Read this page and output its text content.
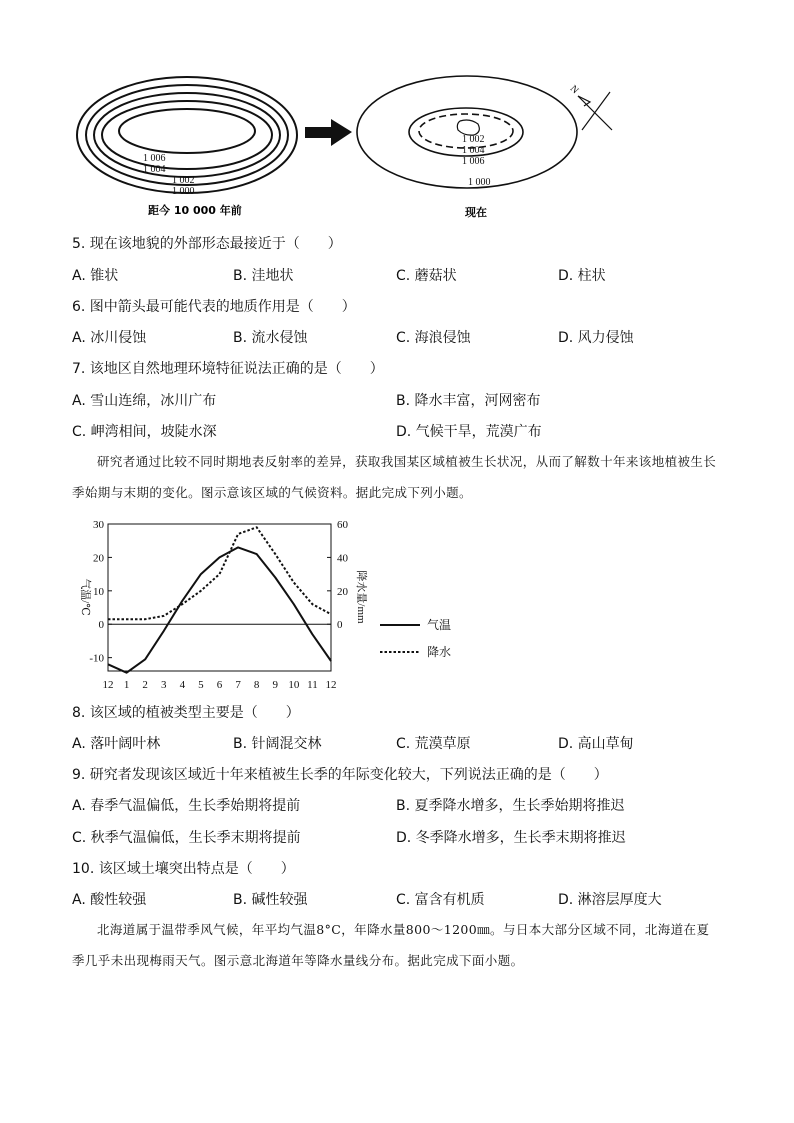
1 006
1 004
1 002
1 000
距今 10 000 年前
1 002
1 004
1 006
1 000
现在
N
5. 现在该地貌的外部形态最接近于（　　）
A. 锥状	B. 洼地状	C. 蘑菇状	D. 柱状
6. 图中箭头最可能代表的地质作用是（　　）
A. 冰川侵蚀	B. 流水侵蚀	C. 海浪侵蚀	D. 风力侵蚀
7. 该地区自然地理环境特征说法正确的是（　　）
A. 雪山连绵，冰川广布	B. 降水丰富，河网密布
C. 岬湾相间，坡陡水深	D. 气候干旱，荒漠广布
研究者通过比较不同时期地表反射率的差异，获取我国某区域植被生长状况，从而了解数十年来该地植被生长季始期与末期的变化。图示意该区域的气候资料。据此完成下列小题。
30
20
10
0
-10
60
40
20
0
12 1 2 3 4 5 6 7 8 9 10 11 12
气温/℃	降水量/mm
气温
降水
8. 该区域的植被类型主要是（　　）
A. 落叶阔叶林	B. 针阔混交林	C. 荒漠草原	D. 高山草甸
9. 研究者发现该区域近十年来植被生长季的年际变化较大，下列说法正确的是（　　）
A. 春季气温偏低，生长季始期将提前	B. 夏季降水增多，生长季始期将推迟
C. 秋季气温偏低，生长季末期将提前	D. 冬季降水增多，生长季末期将推迟
10. 该区域土壤突出特点是（　　）
A. 酸性较强	B. 碱性较强	C. 富含有机质	D. 淋溶层厚度大
北海道属于温带季风气候，年平均气温8°C，年降水量800～1200㎜。与日本大部分区域不同，北海道在夏季几乎未出现梅雨天气。图示意北海道年等降水量线分布。据此完成下面小题。
